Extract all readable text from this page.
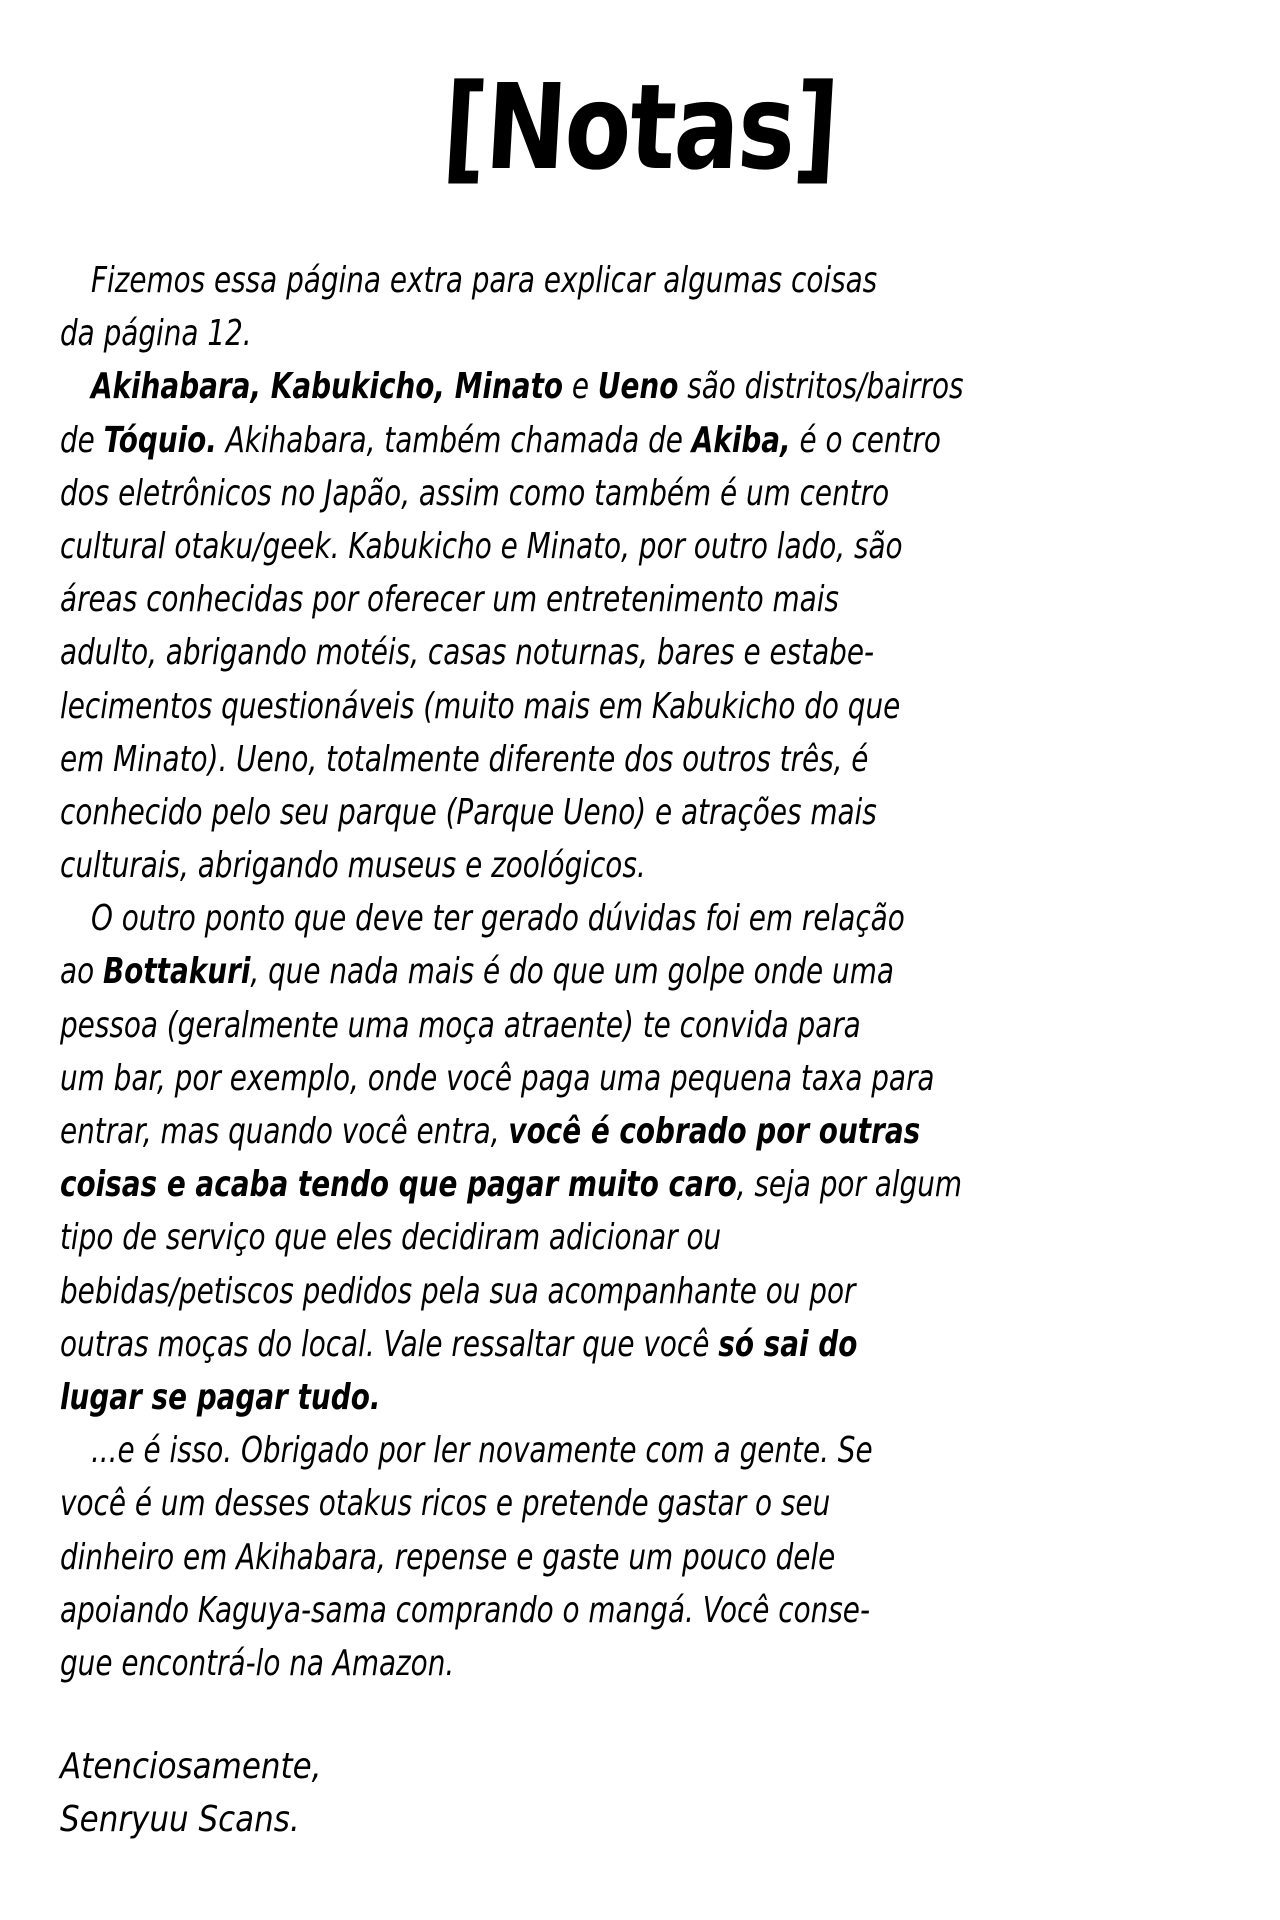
[Notas]
Fizemos essa página extra para explicar algumas coisas
da página 12.
Akihabara, Kabukicho, Minato e Ueno são distritos/bairros
de Tóquio. Akihabara, também chamada de Akiba, é o centro
dos eletrônicos no Japão, assim como também é um centro
cultural otaku/geek. Kabukicho e Minato, por outro lado, são
áreas conhecidas por oferecer um entretenimento mais
adulto, abrigando motéis, casas noturnas, bares e estabe-
lecimentos questionáveis (muito mais em Kabukicho do que
em Minato). Ueno, totalmente diferente dos outros três, é
conhecido pelo seu parque (Parque Ueno) e atrações mais
culturais, abrigando museus e zoológicos.
O outro ponto que deve ter gerado dúvidas foi em relação
ao Bottakuri, que nada mais é do que um golpe onde uma
pessoa (geralmente uma moça atraente) te convida para
um bar, por exemplo, onde você paga uma pequena taxa para
entrar, mas quando você entra, você é cobrado por outras
coisas e acaba tendo que pagar muito caro, seja por algum
tipo de serviço que eles decidiram adicionar ou
bebidas/petiscos pedidos pela sua acompanhante ou por
outras moças do local. Vale ressaltar que você só sai do
lugar se pagar tudo.
...e é isso. Obrigado por ler novamente com a gente. Se
você é um desses otakus ricos e pretende gastar o seu
dinheiro em Akihabara, repense e gaste um pouco dele
apoiando Kaguya-sama comprando o mangá. Você conse-
gue encontrá-lo na Amazon.
Atenciosamente,
Senryuu Scans.
